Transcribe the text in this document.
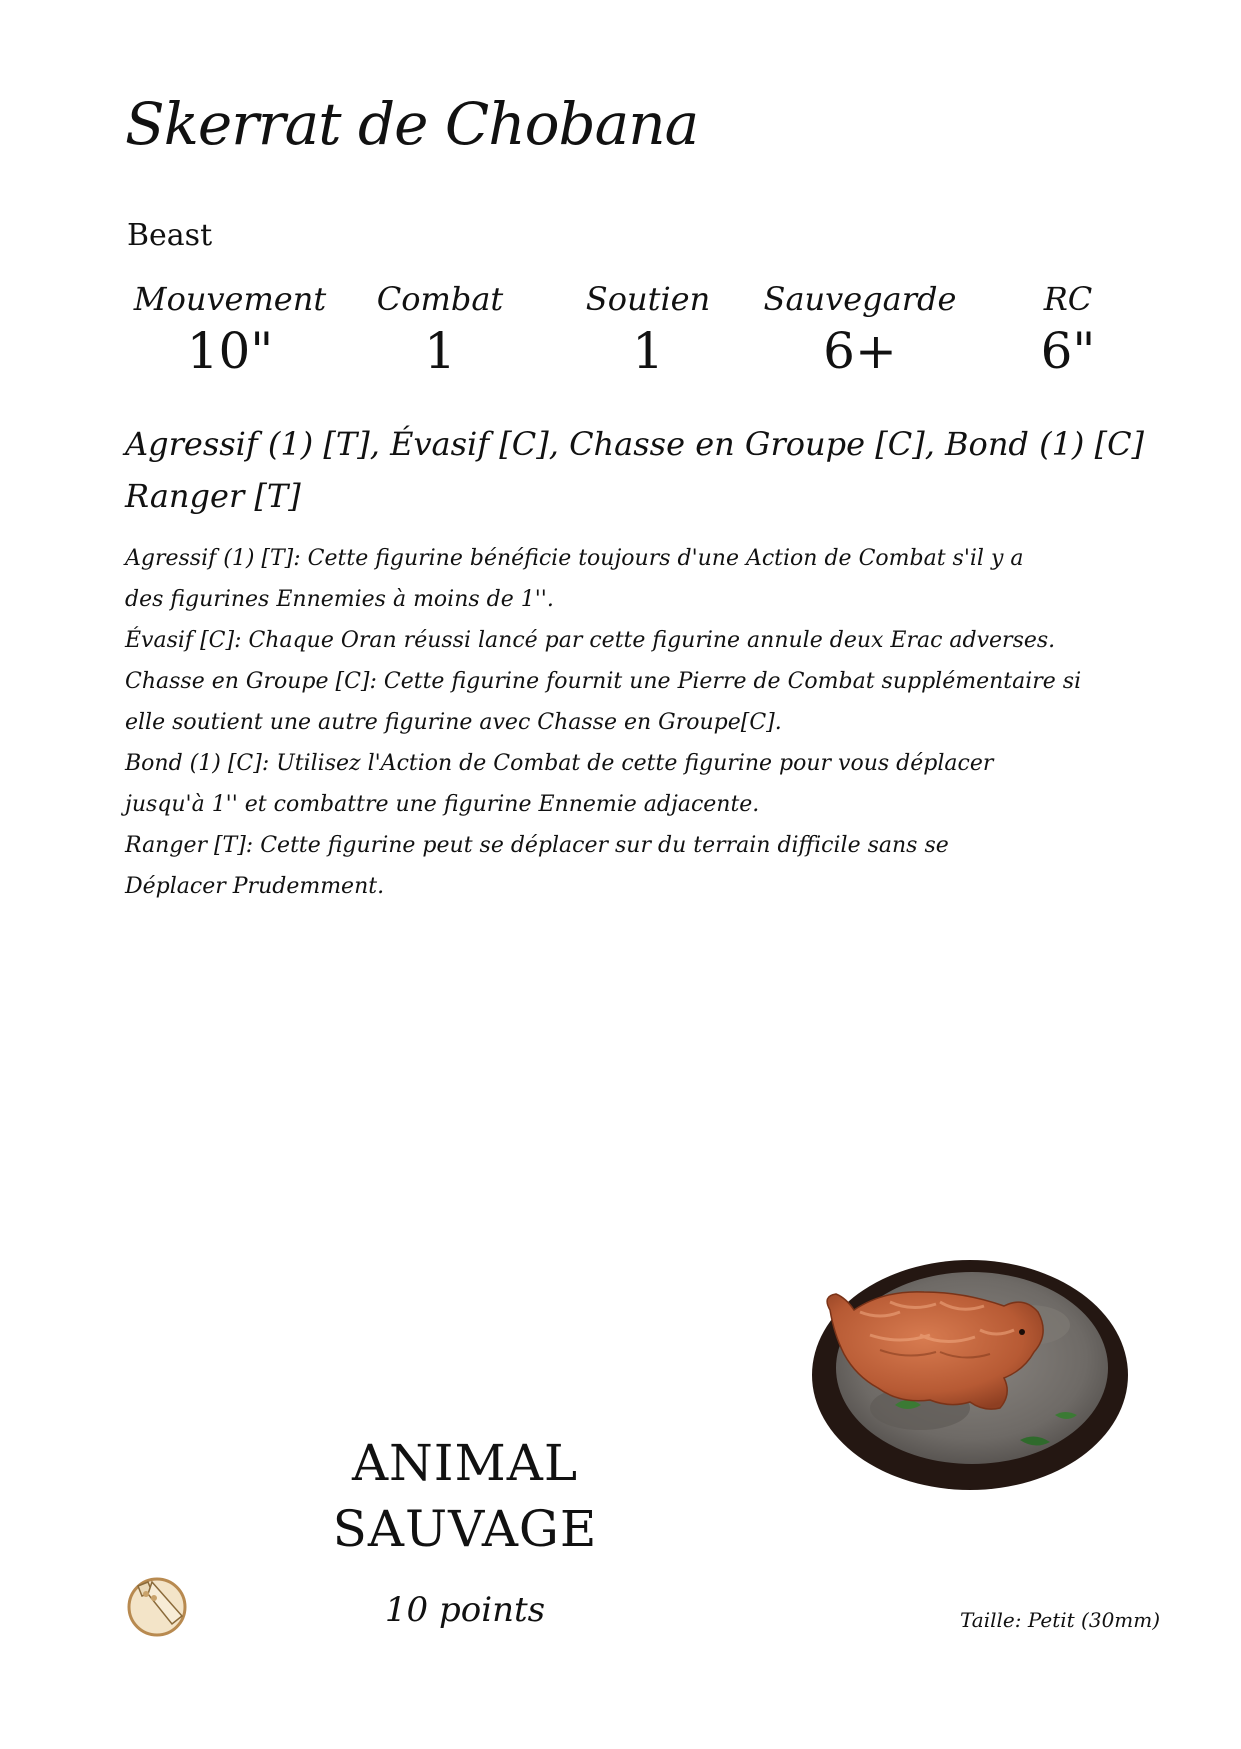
Skerrat de Chobana
Beast
Mouvement
10"
Combat
1
Soutien
1
Sauvegarde
6+
RC
6"
Agressif (1) [T], Évasif [C], Chasse en Groupe [C], Bond (1) [C]
Ranger [T]
Agressif (1) [T]: Cette figurine bénéficie toujours d'une Action de Combat s'il y a
des figurines Ennemies à moins de 1''.
Évasif [C]: Chaque Oran réussi lancé par cette figurine annule deux Erac adverses.
Chasse en Groupe [C]: Cette figurine fournit une Pierre de Combat supplémentaire si
elle soutient une autre figurine avec Chasse en Groupe[C].
Bond (1) [C]: Utilisez l'Action de Combat de cette figurine pour vous déplacer
jusqu'à 1'' et combattre une figurine Ennemie adjacente.
Ranger [T]: Cette figurine peut se déplacer sur du terrain difficile sans se
Déplacer Prudemment.
ANIMAL
SAUVAGE
10 points	Taille: Petit (30mm)
